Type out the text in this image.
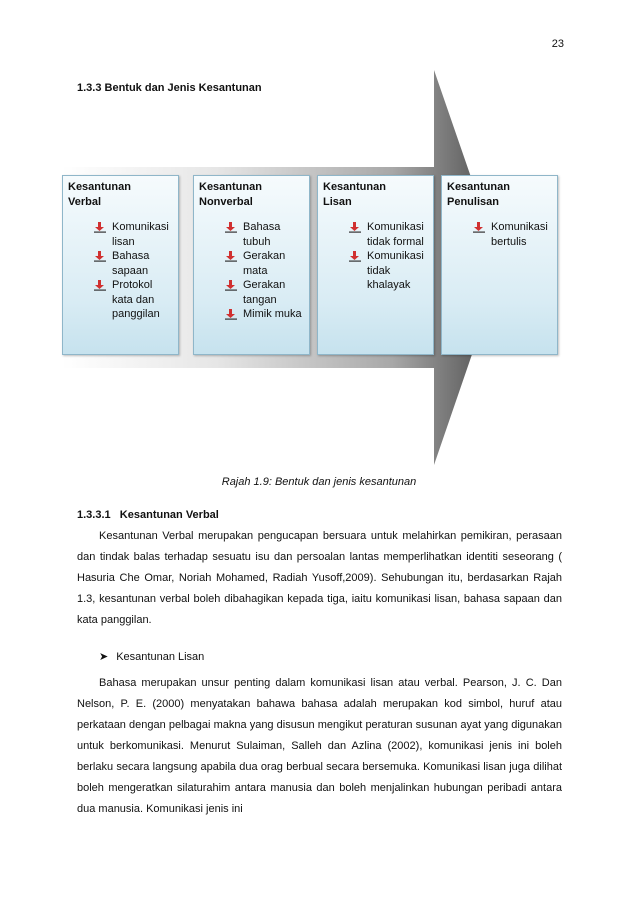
23
1.3.3 Bentuk dan Jenis Kesantunan
Kesantunan
Verbal
Komunikasi lisan
Bahasa sapaan
Protokol kata dan panggilan
Kesantunan
Nonverbal
Bahasa tubuh
Gerakan mata
Gerakan tangan
Mimik muka
Kesantunan
Lisan
Komunikasi tidak formal
Komunikasi tidak khalayak
Kesantunan
Penulisan
Komunikasi bertulis
Rajah 1.9: Bentuk dan jenis kesantunan
1.3.3.1   Kesantunan Verbal

Kesantunan Verbal merupakan pengucapan bersuara untuk melahirkan pemikiran, perasaan dan tindak balas terhadap sesuatu isu dan persoalan lantas memperlihatkan identiti seseorang ( Hasuria Che Omar, Noriah Mohamed, Radiah Yusoff,2009). Sehubungan itu, berdasarkan Rajah 1.3, kesantunan verbal boleh dibahagikan kepada tiga, iaitu komunikasi lisan, bahasa sapaan dan kata panggilan.

➤ Kesantunan Lisan

Bahasa merupakan unsur penting dalam komunikasi lisan atau verbal. Pearson, J. C. Dan Nelson, P. E. (2000) menyatakan bahawa bahasa adalah merupakan kod simbol, huruf atau perkataan dengan pelbagai makna yang disusun mengikut peraturan susunan ayat yang digunakan untuk berkomunikasi. Menurut Sulaiman, Salleh dan Azlina (2002), komunikasi jenis ini boleh berlaku secara langsung apabila dua orag berbual secara bersemuka. Komunikasi lisan juga dilihat boleh mengeratkan silaturahim antara manusia dan boleh menjalinkan hubungan peribadi antara dua manusia. Komunikasi jenis ini
